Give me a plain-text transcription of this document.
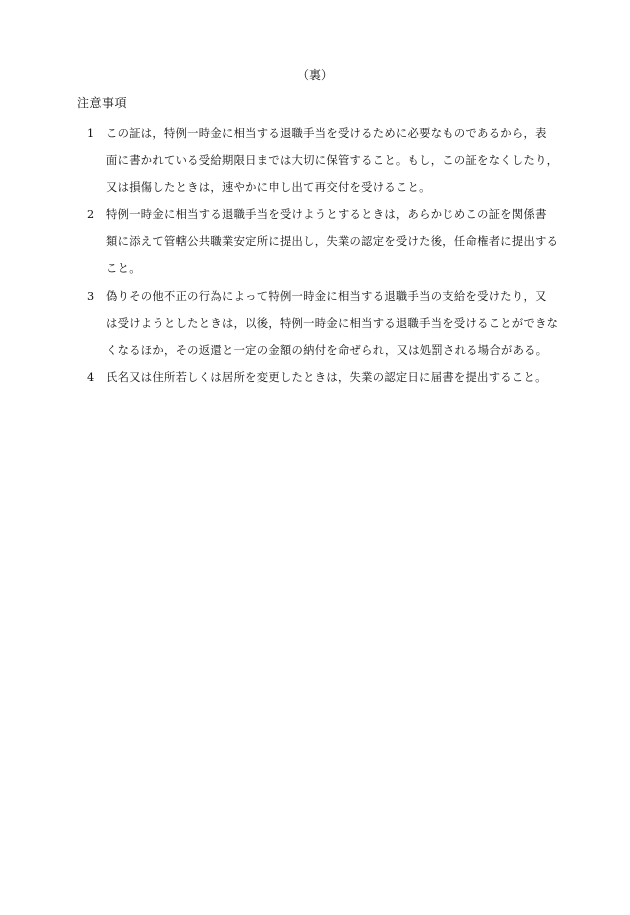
（裏）
注意事項
1	この証は，特例一時金に相当する退職手当を受けるために必要なものであるから，表
面に書かれている受給期限日までは大切に保管すること。もし，この証をなくしたり，
又は損傷したときは，速やかに申し出て再交付を受けること。
2	特例一時金に相当する退職手当を受けようとするときは，あらかじめこの証を関係書
類に添えて管轄公共職業安定所に提出し，失業の認定を受けた後，任命権者に提出する
こと。
3	偽りその他不正の行為によって特例一時金に相当する退職手当の支給を受けたり，又
は受けようとしたときは，以後，特例一時金に相当する退職手当を受けることができな
くなるほか，その返還と一定の金額の納付を命ぜられ，又は処罰される場合がある。
4	氏名又は住所若しくは居所を変更したときは，失業の認定日に届書を提出すること。
